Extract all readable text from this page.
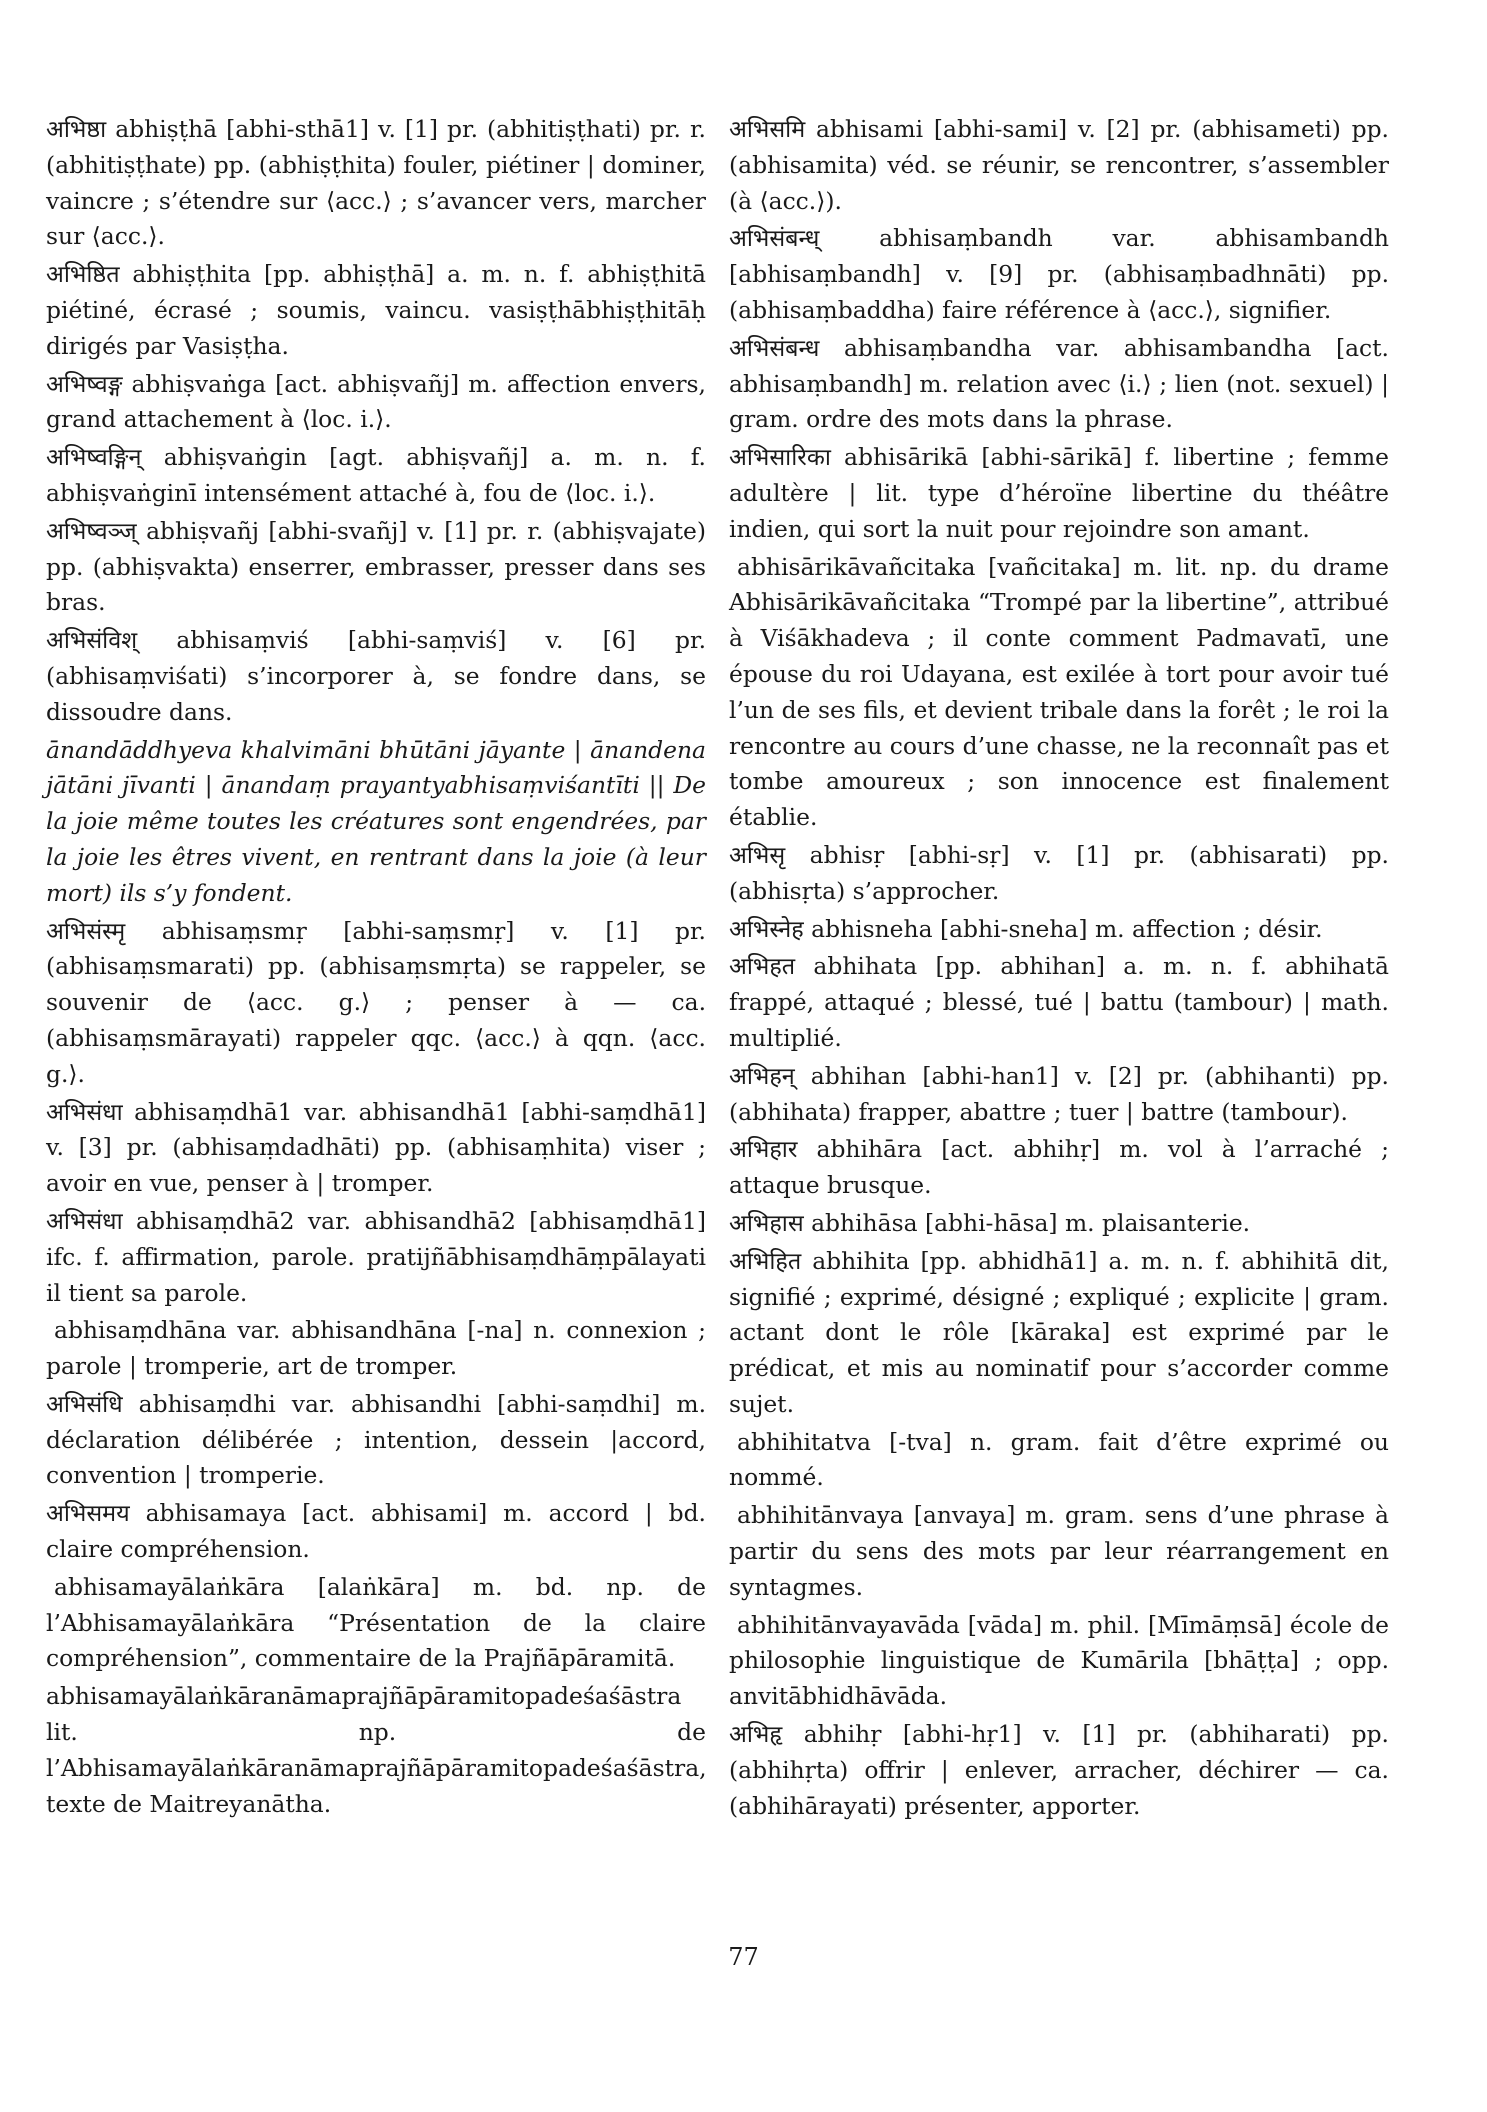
अभिष्ठा abhiṣṭhā [abhi-sthā1] v. [1] pr. (abhitiṣṭhati) pr. r. (abhitiṣṭhate) pp. (abhiṣṭhita) fouler, piétiner | dominer, vaincre ; s’étendre sur ⟨acc.⟩ ; s’avancer vers, marcher sur ⟨acc.⟩.

अभिष्ठित abhiṣṭhita [pp. abhiṣṭhā] a. m. n. f. abhiṣṭhitā piétiné, écrasé ; soumis, vaincu. vasiṣṭhābhiṣṭhitāḥ dirigés par Vasiṣṭha.

अभिष्वङ्ग abhiṣvaṅga [act. abhiṣvañj] m. affection envers, grand attachement à ⟨loc. i.⟩.

अभिष्वङ्गिन् abhiṣvaṅgin [agt. abhiṣvañj] a. m. n. f. abhiṣvaṅginī intensément attaché à, fou de ⟨loc. i.⟩.

अभिष्वञ्ज् abhiṣvañj [abhi-svañj] v. [1] pr. r. (abhiṣvajate) pp. (abhiṣvakta) enserrer, embrasser, presser dans ses bras.

अभिसंविश् abhisaṃviś [abhi-saṃviś] v. [6] pr. (abhisaṃviśati) s’incorporer à, se fondre dans, se dissoudre dans.

ānandāddhyeva khalvimāni bhūtāni jāyante | ānandena jātāni jīvanti | ānandaṃ prayantyabhisaṃviśantīti || De la joie même toutes les créatures sont engendrées, par la joie les êtres vivent, en rentrant dans la joie (à leur mort) ils s’y fondent.

अभिसंस्मृ abhisaṃsmṛ [abhi-saṃsmṛ] v. [1] pr. (abhisaṃsmarati) pp. (abhisaṃsmṛta) se rappeler, se souvenir de ⟨acc. g.⟩ ; penser à — ca. (abhisaṃsmārayati) rappeler qqc. ⟨acc.⟩ à qqn. ⟨acc. g.⟩.

अभिसंधा abhisaṃdhā1 var. abhisandhā1 [abhi-saṃdhā1] v. [3] pr. (abhisaṃdadhāti) pp. (abhisaṃhita) viser ; avoir en vue, penser à | tromper.

अभिसंधा abhisaṃdhā2 var. abhisandhā2 [abhisaṃdhā1] ifc. f. affirmation, parole. pratijñābhisaṃdhāṃpālayati il tient sa parole.

abhisaṃdhāna var. abhisandhāna [-na] n. connexion ; parole | tromperie, art de tromper.

अभिसंधि abhisaṃdhi var. abhisandhi [abhi-saṃdhi] m. déclaration délibérée ; intention, dessein |accord, convention | tromperie.

अभिसमय abhisamaya [act. abhisami] m. accord | bd. claire compréhension.

abhisamayālaṅkāra [alaṅkāra] m. bd. np. de l’Abhisamayālaṅkāra “Présentation de la claire compréhension”, commentaire de la Prajñāpāramitā.

abhisamayālaṅkāranāmaprajñāpāramitopadeśaśāstra lit. np. de l’Abhisamayālaṅkāranāmaprajñāpāramitopadeśaśāstra, texte de Maitreyanātha.

अभिसमि abhisami [abhi-sami] v. [2] pr. (abhisameti) pp. (abhisamita) véd. se réunir, se rencontrer, s’assembler (à ⟨acc.⟩).

अभिसंबन्ध् abhisaṃbandh var. abhisambandh [abhisaṃbandh] v. [9] pr. (abhisaṃbadhnāti) pp. (abhisaṃbaddha) faire référence à ⟨acc.⟩, signifier.

अभिसंबन्ध abhisaṃbandha var. abhisambandha [act. abhisaṃbandh] m. relation avec ⟨i.⟩ ; lien (not. sexuel) | gram. ordre des mots dans la phrase.

अभिसारिका abhisārikā [abhi-sārikā] f. libertine ; femme adultère | lit. type d’héroïne libertine du théâtre indien, qui sort la nuit pour rejoindre son amant.

abhisārikāvañcitaka [vañcitaka] m. lit. np. du drame Abhisārikāvañcitaka “Trompé par la libertine”, attribué à Viśākhadeva ; il conte comment Padmavatī, une épouse du roi Udayana, est exilée à tort pour avoir tué l’un de ses fils, et devient tribale dans la forêt ; le roi la rencontre au cours d’une chasse, ne la reconnaît pas et tombe amoureux ; son innocence est finalement établie.

अभिसृ abhisṛ [abhi-sṛ] v. [1] pr. (abhisarati) pp. (abhisṛta) s’approcher.

अभिस्नेह abhisneha [abhi-sneha] m. affection ; désir.

अभिहत abhihata [pp. abhihan] a. m. n. f. abhihatā frappé, attaqué ; blessé, tué | battu (tambour) | math. multiplié.

अभिहन् abhihan [abhi-han1] v. [2] pr. (abhihanti) pp. (abhihata) frapper, abattre ; tuer | battre (tambour).

अभिहार abhihāra [act. abhihṛ] m. vol à l’arraché ; attaque brusque.

अभिहास abhihāsa [abhi-hāsa] m. plaisanterie.

अभिहित abhihita [pp. abhidhā1] a. m. n. f. abhihitā dit, signifié ; exprimé, désigné ; expliqué ; explicite | gram. actant dont le rôle [kāraka] est exprimé par le prédicat, et mis au nominatif pour s’accorder comme sujet.

abhihitatva [-tva] n. gram. fait d’être exprimé ou nommé.

abhihitānvaya [anvaya] m. gram. sens d’une phrase à partir du sens des mots par leur réarrangement en syntagmes.

abhihitānvayavāda [vāda] m. phil. [Mīmāṃsā] école de philosophie linguistique de Kumārila [bhāṭṭa] ; opp. anvitābhidhāvāda.

अभिहृ abhihṛ [abhi-hṛ1] v. [1] pr. (abhiharati) pp. (abhihṛta) offrir | enlever, arracher, déchirer — ca. (abhihārayati) présenter, apporter.

77
